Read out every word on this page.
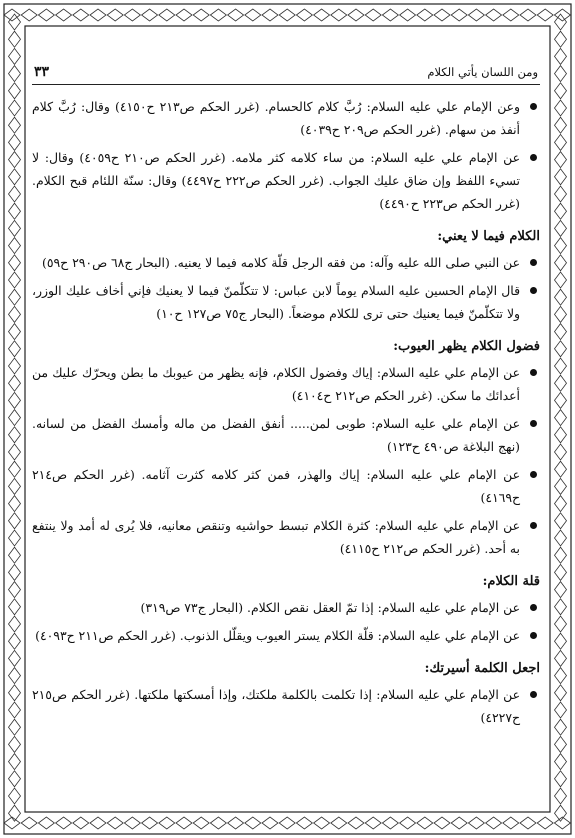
ومن اللسان يأتي الكلام
٣٣
وعن الإمام علي عليه السلام: رُبَّ كلام كالحسام. (غرر الحكم ص٢١٣ ح٤١٥٠) وقال: رُبَّ كلام أنفذ من سهام. (غرر الحكم ص٢٠٩ ح٤٠٣٩)
عن الإمام علي عليه السلام: من ساء كلامه كثر ملامه. (غرر الحكم ص٢١٠ ح٤٠٥٩) وقال: لا تسيء اللفظ وإن ضاق عليك الجواب. (غرر الحكم ص٢٢٢ ح٤٤٩٧) وقال: سنّة اللئام قبح الكلام. (غرر الحكم ص٢٢٣ ح٤٤٩٠)
الكلام فيما لا يعني:
عن النبي صلى الله عليه وآله: من فقه الرجل قلّة كلامه فيما لا يعنيه. (البحار ج٦٨ ص٢٩٠ ح٥٩)
قال الإمام الحسين عليه السلام يوماً لابن عباس: لا تتكلّمنّ فيما لا يعنيك فإني أخاف عليك الوزر، ولا تتكلّمنّ فيما يعنيك حتى ترى للكلام موضعاً. (البحار ج٧٥ ص١٢٧ ح١٠)
فضول الكلام يظهر العيوب:
عن الإمام علي عليه السلام: إياك وفضول الكلام، فإنه يظهر من عيوبك ما بطن ويحرّك عليك من أعدائك ما سكن. (غرر الحكم ص٢١٢ ح٤١٠٤)
عن الإمام علي عليه السلام: طوبى لمن..... أنفق الفضل من ماله وأمسك الفضل من لسانه. (نهج البلاغة ص٤٩٠ ح١٢٣)
عن الإمام علي عليه السلام: إياك والهذر، فمن كثر كلامه كثرت آثامه. (غرر الحكم ص٢١٤ ح٤١٦٩)
عن الإمام علي عليه السلام: كثرة الكلام تبسط حواشيه وتنقص معانيه، فلا يُرى له أمد ولا ينتفع به أحد. (غرر الحكم ص٢١٢ ح٤١١٥)
قلة الكلام:
عن الإمام علي عليه السلام: إذا تمّ العقل نقص الكلام. (البحار ج٧٣ ص٣١٩)
عن الإمام علي عليه السلام: قلّة الكلام يستر العيوب ويقلّل الذنوب. (غرر الحكم ص٢١١ ح٤٠٩٣)
اجعل الكلمة أسيرتك:
عن الإمام علي عليه السلام: إذا تكلمت بالكلمة ملكتك، وإذا أمسكتها ملكتها. (غرر الحكم ص٢١٥ ح٤٢٢٧)
